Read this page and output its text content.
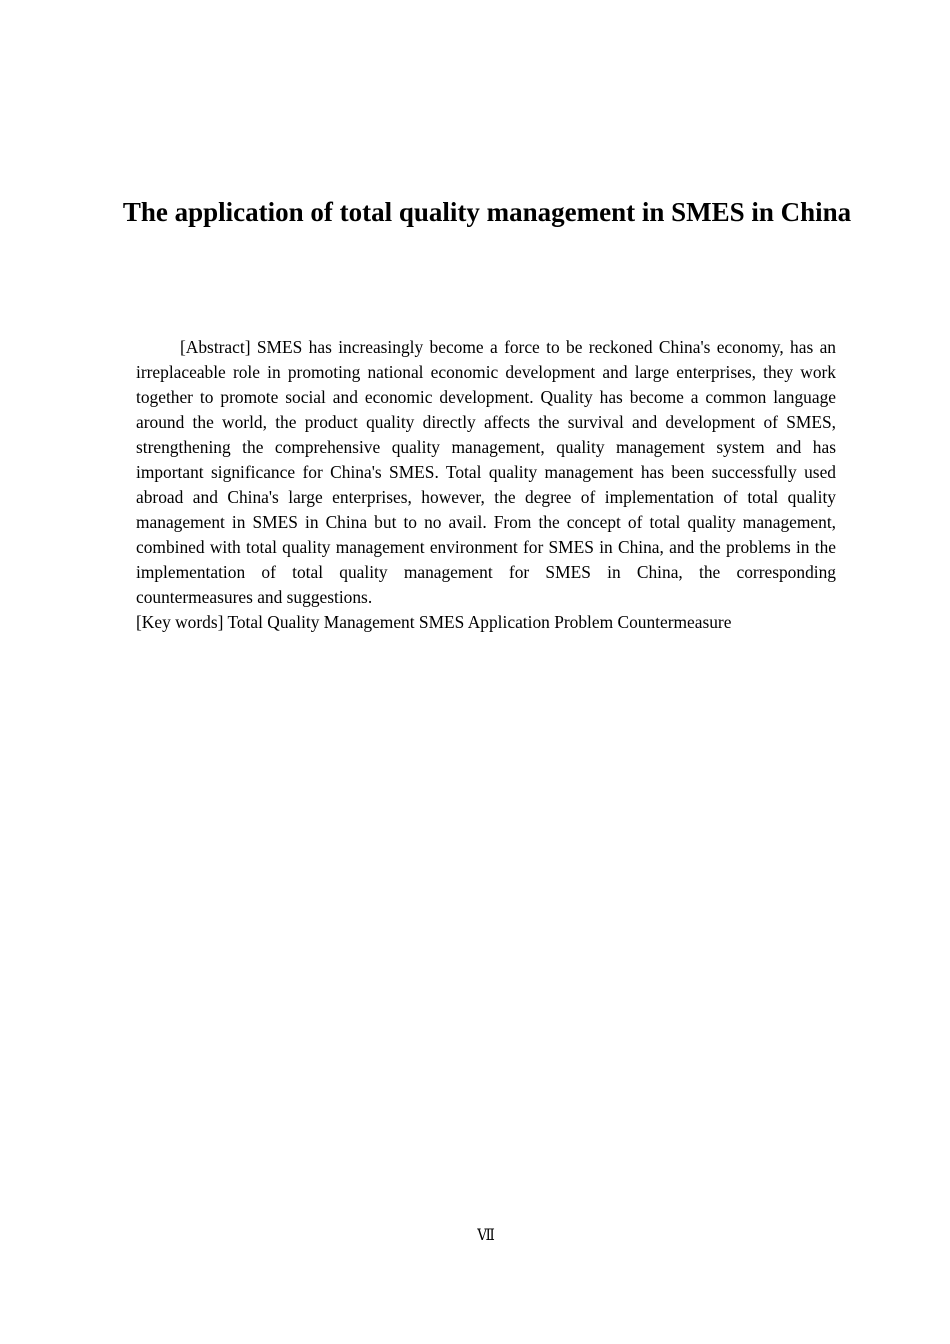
The application of total quality management in SMES in China

[Abstract] SMES has increasingly become a force to be reckoned China's economy, has an irreplaceable role in promoting national economic development and large enterprises, they work together to promote social and economic development. Quality has become a common language around the world, the product quality directly affects the survival and development of SMES, strengthening the comprehensive quality management, quality management system and has important significance for China's SMES. Total quality management has been successfully used abroad and China's large enterprises, however, the degree of implementation of total quality management in SMES in China but to no avail. From the concept of total quality management, combined with total quality management environment for SMES in China, and the problems in the implementation of total quality management for SMES in China, the corresponding countermeasures and suggestions.

[Key words] Total Quality Management SMES Application Problem Countermeasure

Ⅶ
